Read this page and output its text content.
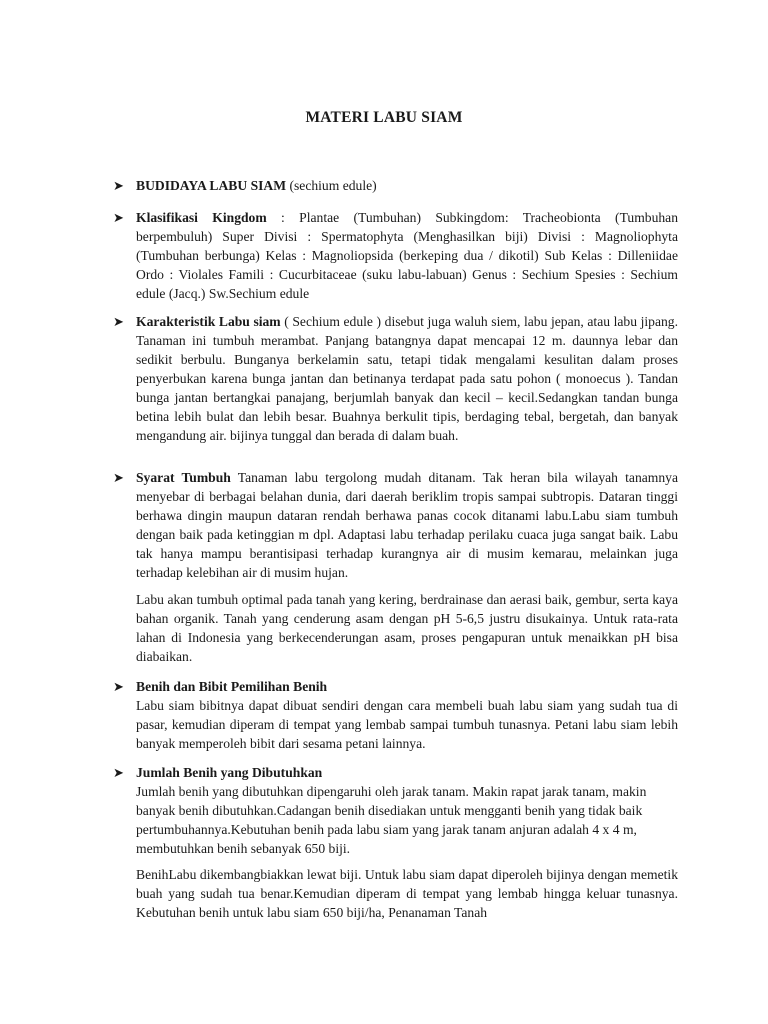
MATERI LABU SIAM
➤ BUDIDAYA LABU SIAM (sechium edule)
➤ Klasifikasi Kingdom : Plantae (Tumbuhan) Subkingdom: Tracheobionta (Tumbuhan berpembuluh) Super Divisi : Spermatophyta (Menghasilkan biji) Divisi : Magnoliophyta (Tumbuhan berbunga) Kelas : Magnoliopsida (berkeping dua / dikotil) Sub Kelas : Dilleniidae Ordo : Violales Famili : Cucurbitaceae (suku labu-labuan) Genus : Sechium Spesies : Sechium edule (Jacq.) Sw.Sechium edule
➤ Karakteristik Labu siam ( Sechium edule ) disebut juga waluh siem, labu jepan, atau labu jipang. Tanaman ini tumbuh merambat. Panjang batangnya dapat mencapai 12 m. daunnya lebar dan sedikit berbulu. Bunganya berkelamin satu, tetapi tidak mengalami kesulitan dalam proses penyerbukan karena bunga jantan dan betinanya terdapat pada satu pohon ( monoecus ). Tandan bunga jantan bertangkai panajang, berjumlah banyak dan kecil – kecil.Sedangkan tandan bunga betina lebih bulat dan lebih besar. Buahnya berkulit tipis, berdaging tebal, bergetah, dan banyak mengandung air. bijinya tunggal dan berada di dalam buah.
➤ Syarat Tumbuh Tanaman labu tergolong mudah ditanam. Tak heran bila wilayah tanamnya menyebar di berbagai belahan dunia, dari daerah beriklim tropis sampai subtropis. Dataran tinggi berhawa dingin maupun dataran rendah berhawa panas cocok ditanami labu.Labu siam tumbuh dengan baik pada ketinggian m dpl. Adaptasi labu terhadap perilaku cuaca juga sangat baik. Labu tak hanya mampu berantisipasi terhadap kurangnya air di musim kemarau, melainkan juga terhadap kelebihan air di musim hujan.
Labu akan tumbuh optimal pada tanah yang kering, berdrainase dan aerasi baik, gembur, serta kaya bahan organik. Tanah yang cenderung asam dengan pH 5-6,5 justru disukainya. Untuk rata-rata lahan di Indonesia yang berkecenderungan asam, proses pengapuran untuk menaikkan pH bisa diabaikan.
➤ Benih dan Bibit Pemilihan Benih
Labu siam bibitnya dapat dibuat sendiri dengan cara membeli buah labu siam yang sudah tua di pasar, kemudian diperam di tempat yang lembab sampai tumbuh tunasnya. Petani labu siam lebih banyak memperoleh bibit dari sesama petani lainnya.
➤ Jumlah Benih yang Dibutuhkan
Jumlah benih yang dibutuhkan dipengaruhi oleh jarak tanam. Makin rapat jarak tanam, makin banyak benih dibutuhkan.Cadangan benih disediakan untuk mengganti benih yang tidak baik pertumbuhannya.Kebutuhan benih pada labu siam yang jarak tanam anjuran adalah 4 x 4 m, membutuhkan benih sebanyak 650 biji.
BenihLabu dikembangbiakkan lewat biji. Untuk labu siam dapat diperoleh bijinya dengan memetik buah yang sudah tua benar.Kemudian diperam di tempat yang lembab hingga keluar tunasnya. Kebutuhan benih untuk labu siam 650 biji/ha, Penanaman Tanah
